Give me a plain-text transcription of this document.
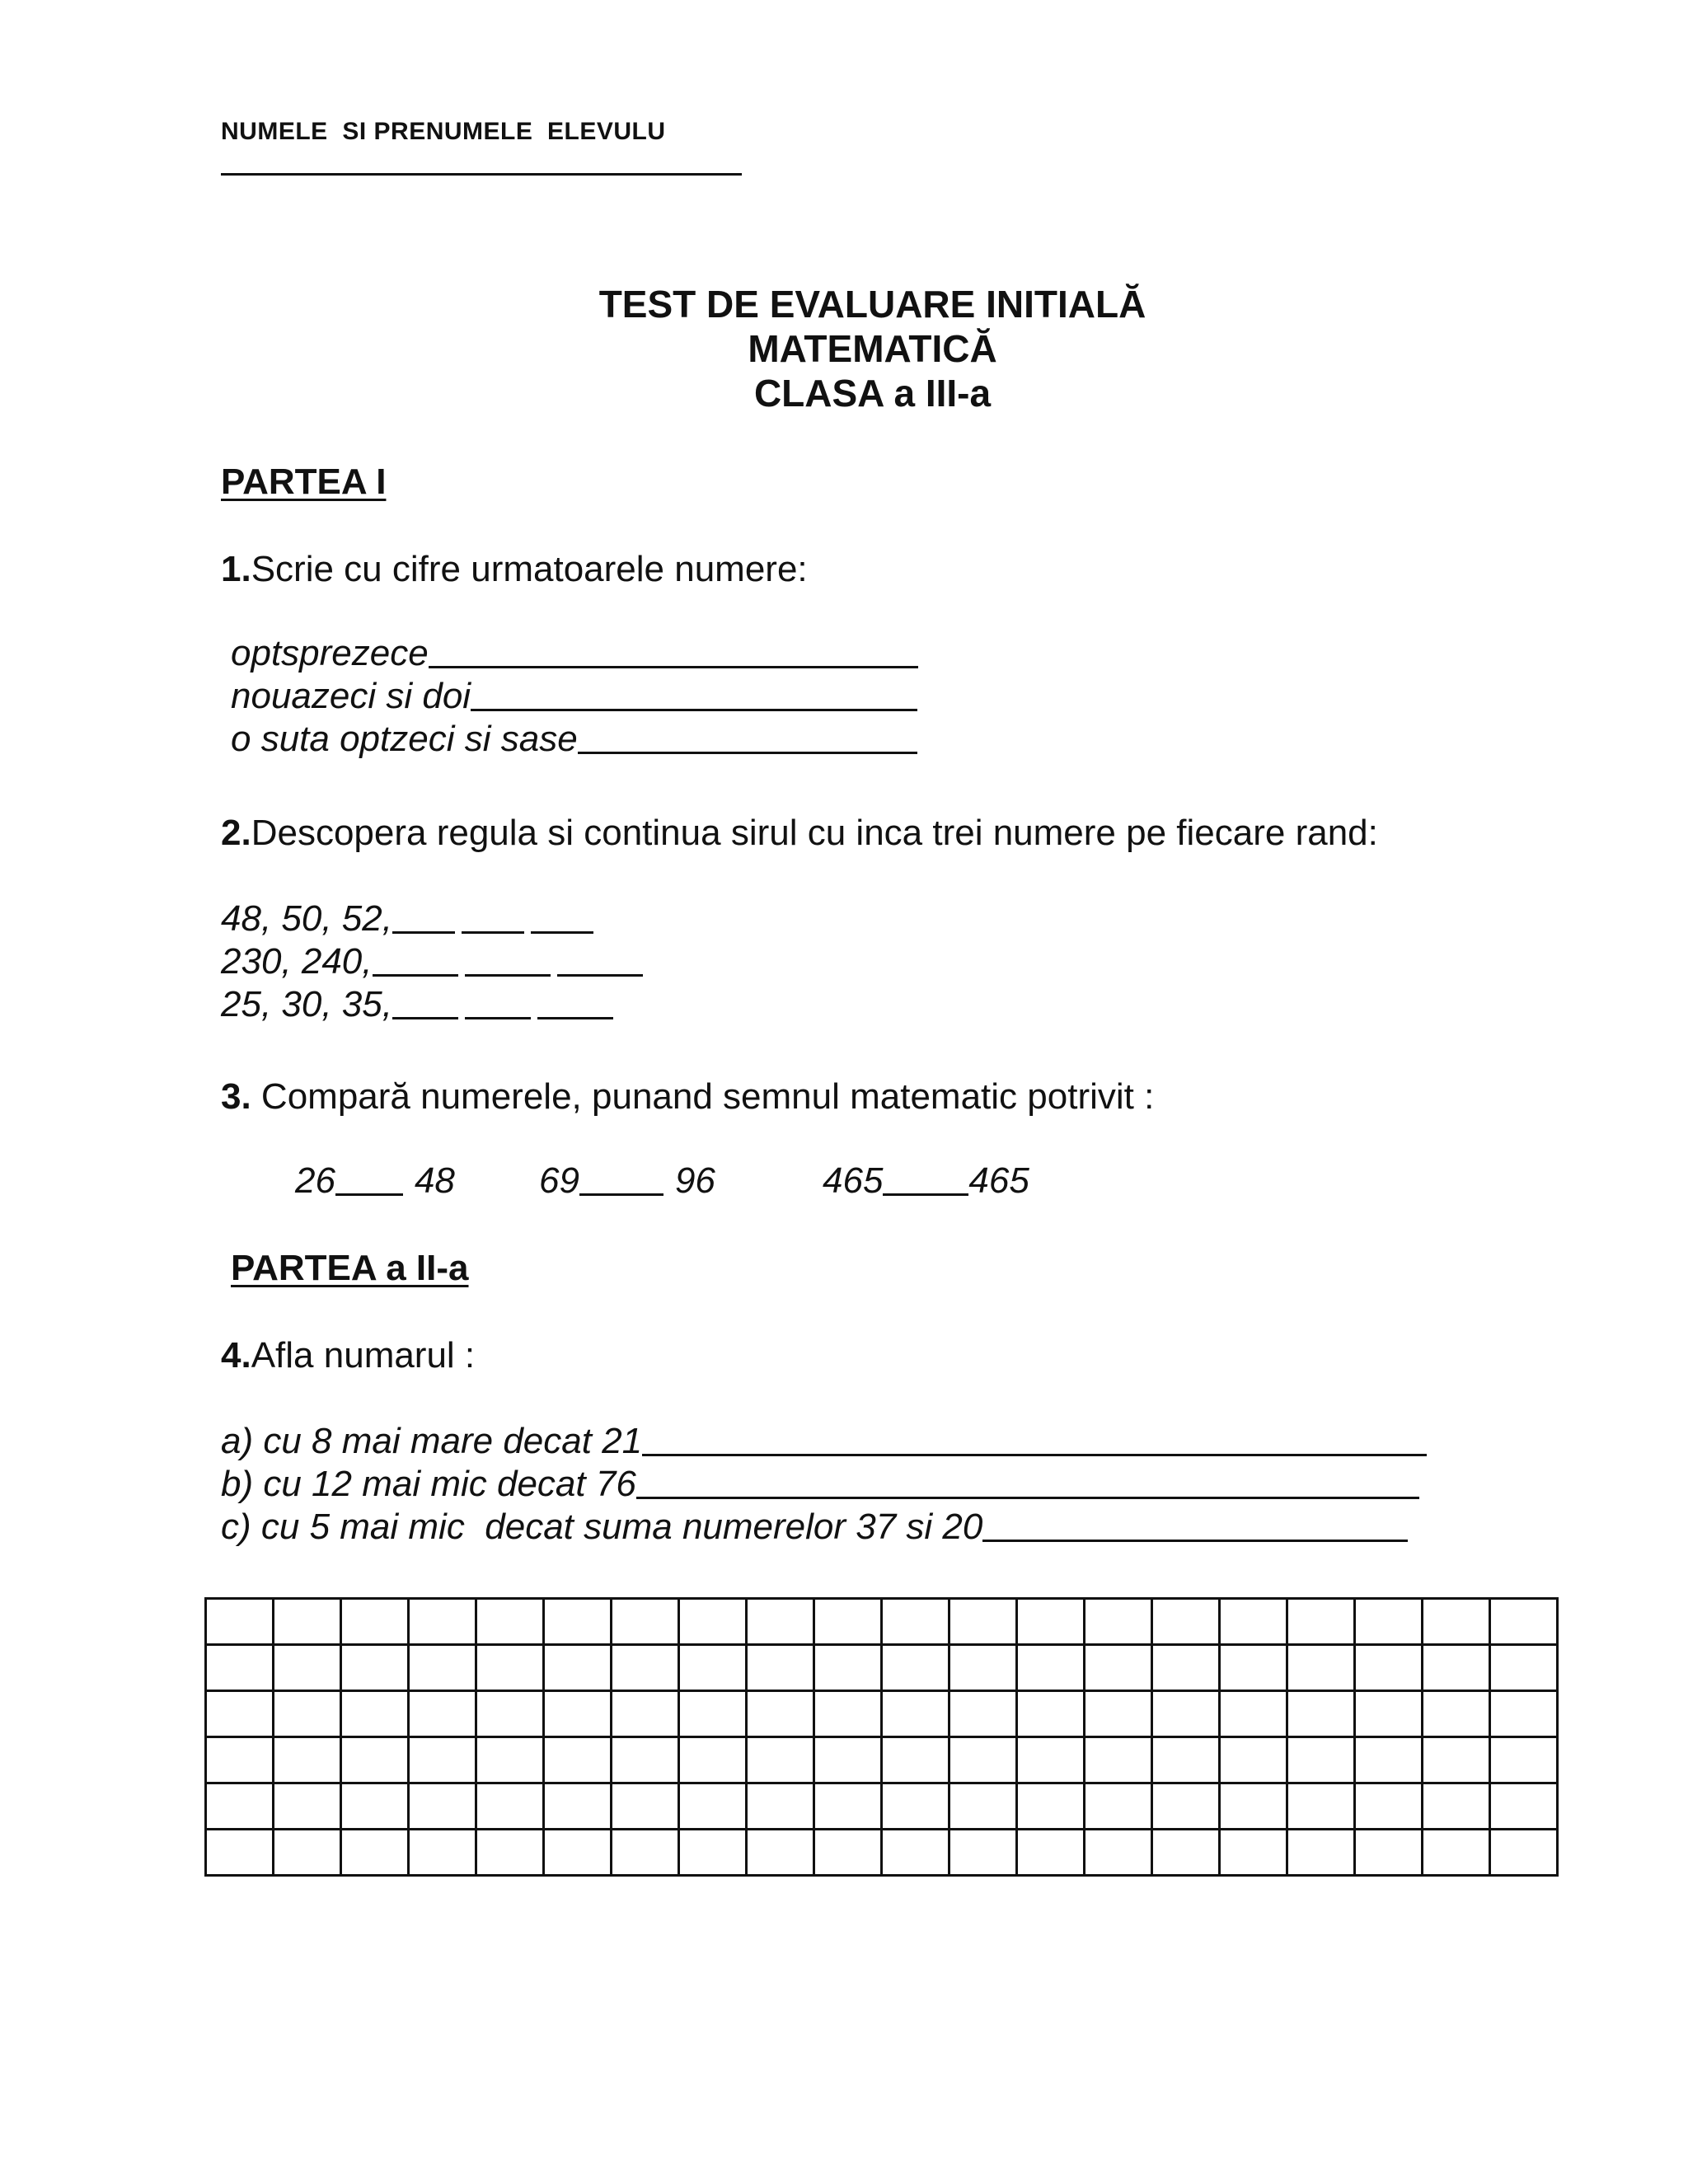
NUMELE  SI PRENUMELE  ELEVULU
TEST DE EVALUARE INITIALĂ
MATEMATICĂ
CLASA a III-a
PARTEA I
1.Scrie cu cifre urmatoarele numere:
optsprezece
nouazeci si doi
o suta optzeci si sase
2.Descopera regula si continua sirul cu inca trei numere pe fiecare rand:
48, 50, 52,
230, 240,
25, 30, 35,
3. Compară numerele, punand semnul matematic potrivit :
26 48 69	96	465 465
PARTEA a II-a
4.Afla numarul :
a) cu 8 mai mare decat 21
b) cu 12 mai mic decat 76
c) cu 5 mai mic  decat suma numerelor 37 si 20
